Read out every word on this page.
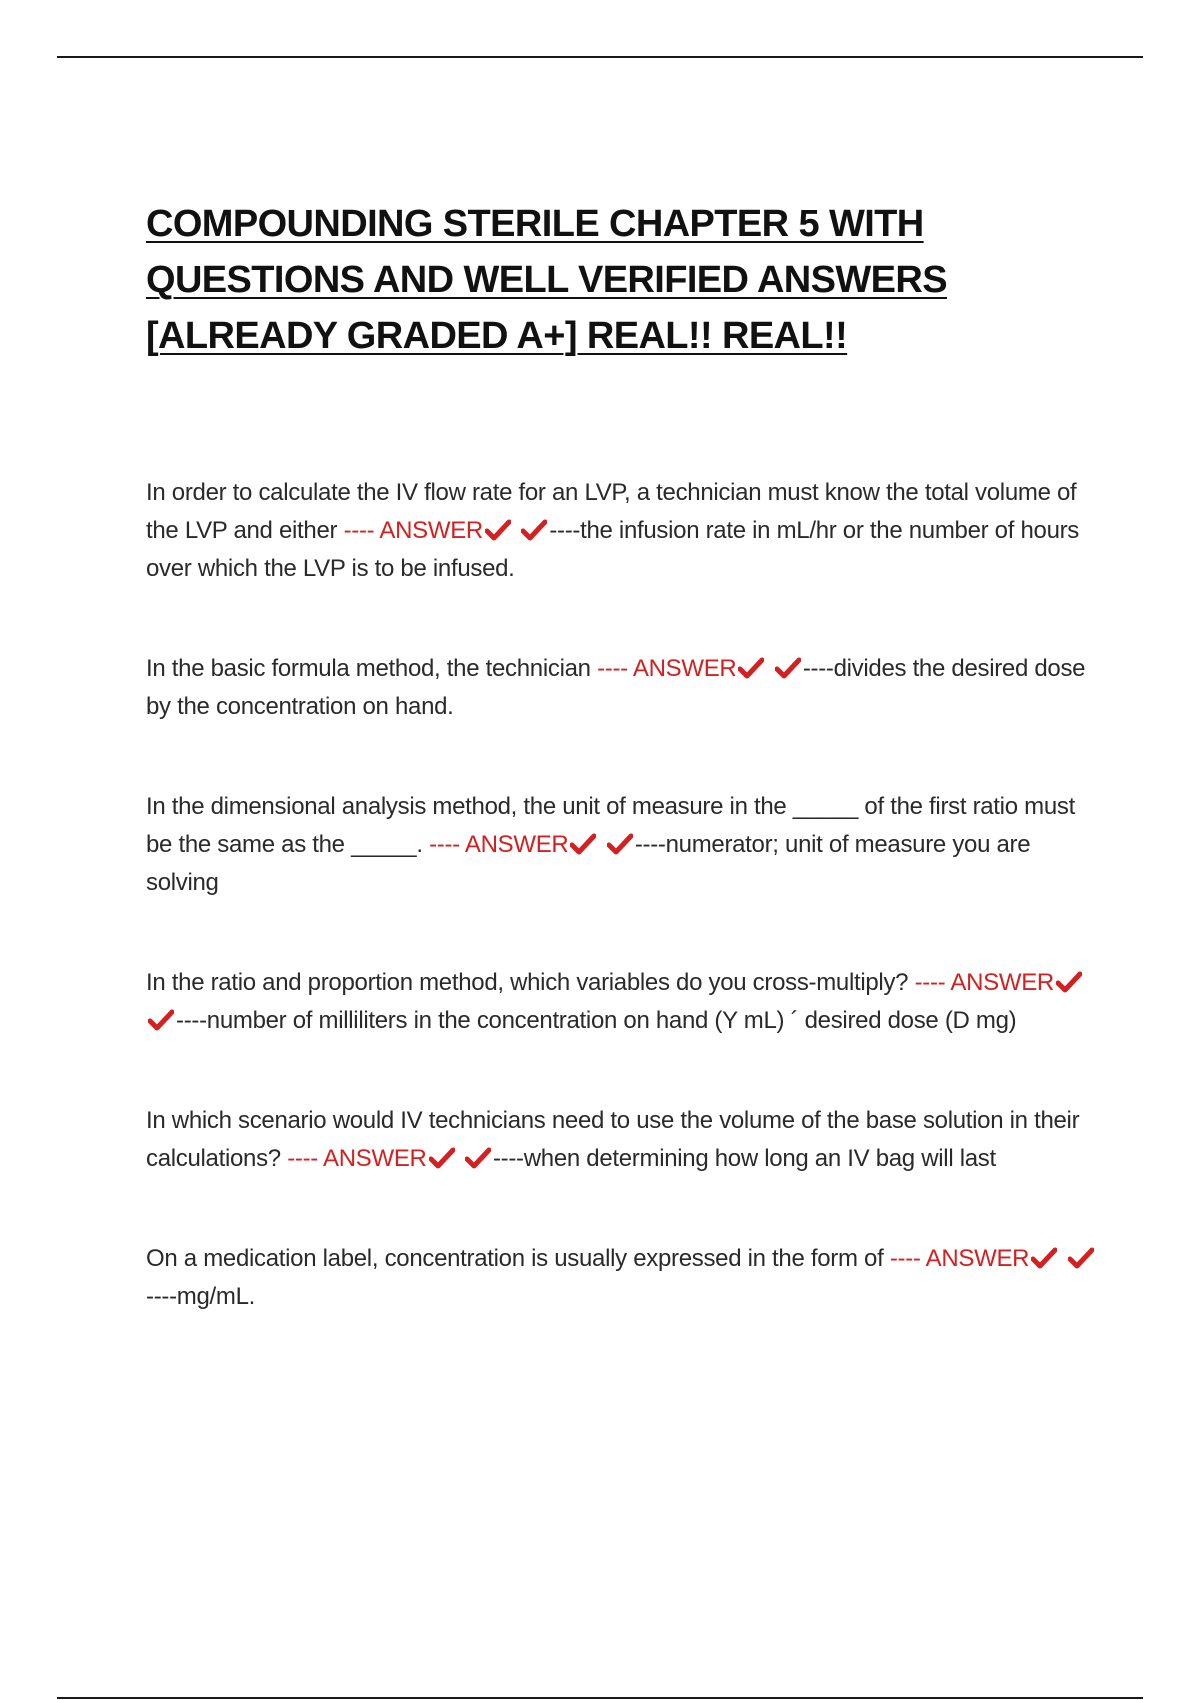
COMPOUNDING STERILE CHAPTER 5 WITH
QUESTIONS AND WELL VERIFIED ANSWERS
[ALREADY GRADED A+] REAL!! REAL!!

In order to calculate the IV flow rate for an LVP, a technician must know the total volume of the LVP and either ---- ANSWER
	----the infusion rate in mL/hr or the number of hours over which the LVP is to be infused.

In the basic formula method, the technician ---- ANSWER
	----divides the desired dose by the concentration on hand.

In the dimensional analysis method, the unit of measure in the _____ of the first ratio must be the same as the _____. ---- ANSWER
	----numerator; unit of measure you are solving

In the ratio and proportion method, which variables do you cross-multiply? ---- ANSWER

----number of milliliters in the concentration on hand (Y mL) ´ desired dose (D mg)

In which scenario would IV technicians need to use the volume of the base solution in their calculations? ---- ANSWER
	----when determining how long an IV bag will last

On a medication label, concentration is usually expressed in the form of ---- ANSWER

----mg/mL.
